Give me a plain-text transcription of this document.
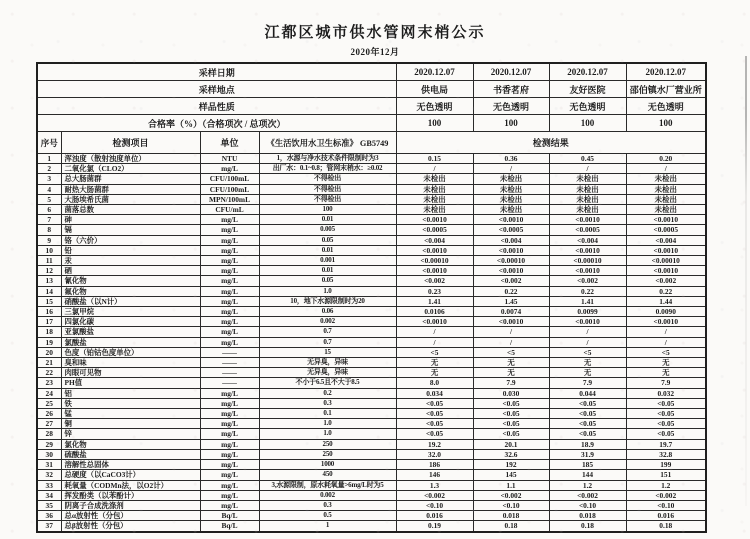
江都区城市供水管网末梢公示
2020年12月
采样日期				2020.12.07	2020.12.07	2020.12.07	2020.12.07
采样地点				供电局	书香茗府	友好医院	邵伯镇水厂营业所
样品性质				无色透明	无色透明	无色透明	无色透明
合格率（%）（合格项次 / 总项次）				100	100	100	100
序号	检测项目	单位	《生活饮用水卫生标准》 GB5749	检测结果			
1	浑浊度（散射浊度单位）	NTU	1，水源与净水技术条件限制时为3	0.15	0.36	0.45	0.20
2	二氧化氯（CLO2）	mg/L	出厂水：0.1~0.8；管网末梢水：≥0.02	/	/	/	/
3	总大肠菌群	CFU/100mL	不得检出	未检出	未检出	未检出	未检出
4	耐热大肠菌群	CFU/100mL	不得检出	未检出	未检出	未检出	未检出
5	大肠埃希氏菌	MPN/100mL	不得检出	未检出	未检出	未检出	未检出
6	菌落总数	CFU/mL	100	未检出	未检出	未检出	未检出
7	砷	mg/L	0.01	<0.0010	<0.0010	<0.0010	<0.0010
8	镉	mg/L	0.005	<0.0005	<0.0005	<0.0005	<0.0005
9	铬（六价）	mg/L	0.05	<0.004	<0.004	<0.004	<0.004
10	铅	mg/L	0.01	<0.0010	<0.0010	<0.0010	<0.0010
11	汞	mg/L	0.001	<0.00010	<0.00010	<0.00010	<0.00010
12	硒	mg/L	0.01	<0.0010	<0.0010	<0.0010	<0.0010
13	氰化物	mg/L	0.05	<0.002	<0.002	<0.002	<0.002
14	氟化物	mg/L	1.0	0.23	0.22	0.22	0.22
15	硝酸盐（以N计）	mg/L	10，地下水源限制时为20	1.41	1.45	1.41	1.44
16	三氯甲烷	mg/L	0.06	0.0106	0.0074	0.0099	0.0090
17	四氯化碳	mg/L	0.002	<0.0010	<0.0010	<0.0010	<0.0010
18	亚氯酸盐	mg/L	0.7	/	/	/	/
19	氯酸盐	mg/L	0.7	/	/	/	/
20	色度（铂钴色度单位）	——	15	<5	<5	<5	<5
21	臭和味	——	无异臭，异味	无	无	无	无
22	肉眼可见物	——	无异臭，异味	无	无	无	无
23	PH值	——	不小于6.5且不大于8.5	8.0	7.9	7.9	7.9
24	铝	mg/L	0.2	0.034	0.030	0.044	0.032
25	铁	mg/L	0.3	<0.05	<0.05	<0.05	<0.05
26	锰	mg/L	0.1	<0.05	<0.05	<0.05	<0.05
27	铜	mg/L	1.0	<0.05	<0.05	<0.05	<0.05
28	锌	mg/L	1.0	<0.05	<0.05	<0.05	<0.05
29	氯化物	mg/L	250	19.2	20.1	18.9	19.7
30	硫酸盐	mg/L	250	32.0	32.6	31.9	32.8
31	溶解性总固体	mg/L	1000	186	192	185	199
32	总硬度（以CaCO3计）	mg/L	450	146	145	144	151
33	耗氧量（CODMn法，以O2计）	mg/L	3,水源限制，原水耗氧量>6mg/L时为5	1.3	1.1	1.2	1.2
34	挥发酚类（以苯酚计）	mg/L	0.002	<0.002	<0.002	<0.002	<0.002
35	阴离子合成洗涤剂	mg/L	0.3	<0.10	<0.10	<0.10	<0.10
36	总α放射性（分包）	Bq/L	0.5	0.016	0.018	0.018	0.016
37	总β放射性（分包）	Bq/L	1	0.19	0.18	0.18	0.18
